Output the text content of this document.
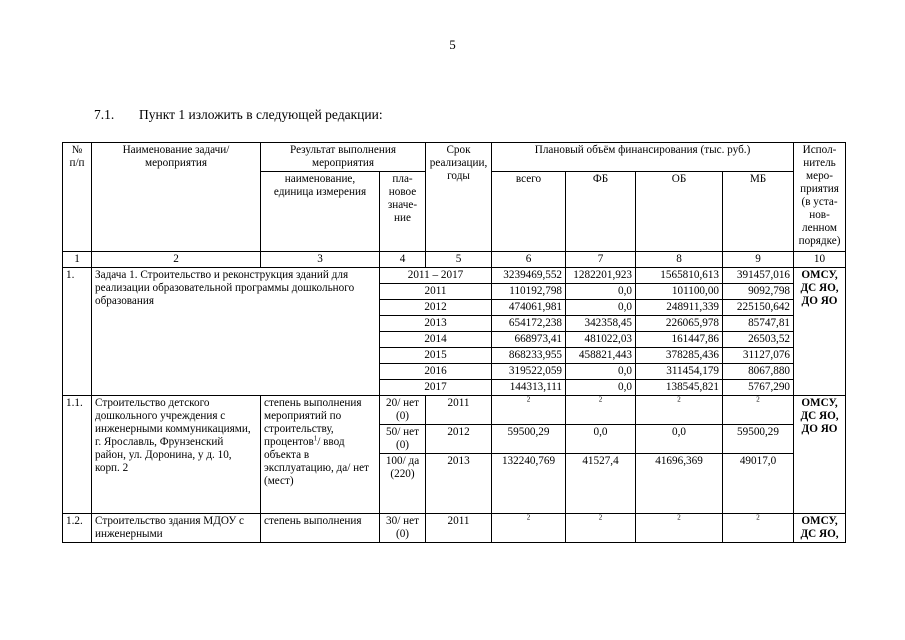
5
7.1. Пункт 1 изложить в следующей редакции:
№ п/п	Наименование задачи/мероприятия	Результат выполнения мероприятия		Срок реализации, годы	Плановый объём финансирования (тыс. руб.)				Испол- нитель меро- приятия (в уста- нов- ленном порядке)
		наименование, единица измерения	пла- новое значе- ние		всего	ФБ	ОБ	МБ	
1	2	3	4	5	6	7	8	9	10
1.	Задача 1. Строительство и реконструкция зданий для реализации образовательной программы дошкольного образования		2011 – 2017		3239469,552	1282201,923	1565810,613	391457,016	ОМСУ, ДС ЯО, ДО ЯО
			2011		110192,798	0,0	101100,00	9092,798	
			2012		474061,981	0,0	248911,339	225150,642	
			2013		654172,238	342358,45	226065,978	85747,81	
			2014		668973,41	481022,03	161447,86	26503,52	
			2015		868233,955	458821,443	378285,436	31127,076	
			2016		319522,059	0,0	311454,179	8067,880	
			2017		144313,111	0,0	138545,821	5767,290	
1.1.	Строительство детского дошкольного учреждения с инженерными коммуникациями, г. Ярославль, Фрунзенский район, ул. Доронина, у д. 10, корп. 2	степень выполнения мероприятий по строительству, процентов$^1$/ ввод объекта в эксплуатацию, да/ нет (мест)	20/ нет (0)	2011	$^2$	$^2$	$^2$	$^2$	ОМСУ, ДС ЯО, ДО ЯО
			50/ нет (0)	2012	59500,29	0,0	0,0	59500,29	
			100/ да (220)	2013	132240,769	41527,4	41696,369	49017,0	
1.2.	Строительство здания МДОУ с инженерными	степень выполнения	30/ нет (0)	2011	$^2$	$^2$	$^2$	$^2$	ОМСУ, ДС ЯО,
